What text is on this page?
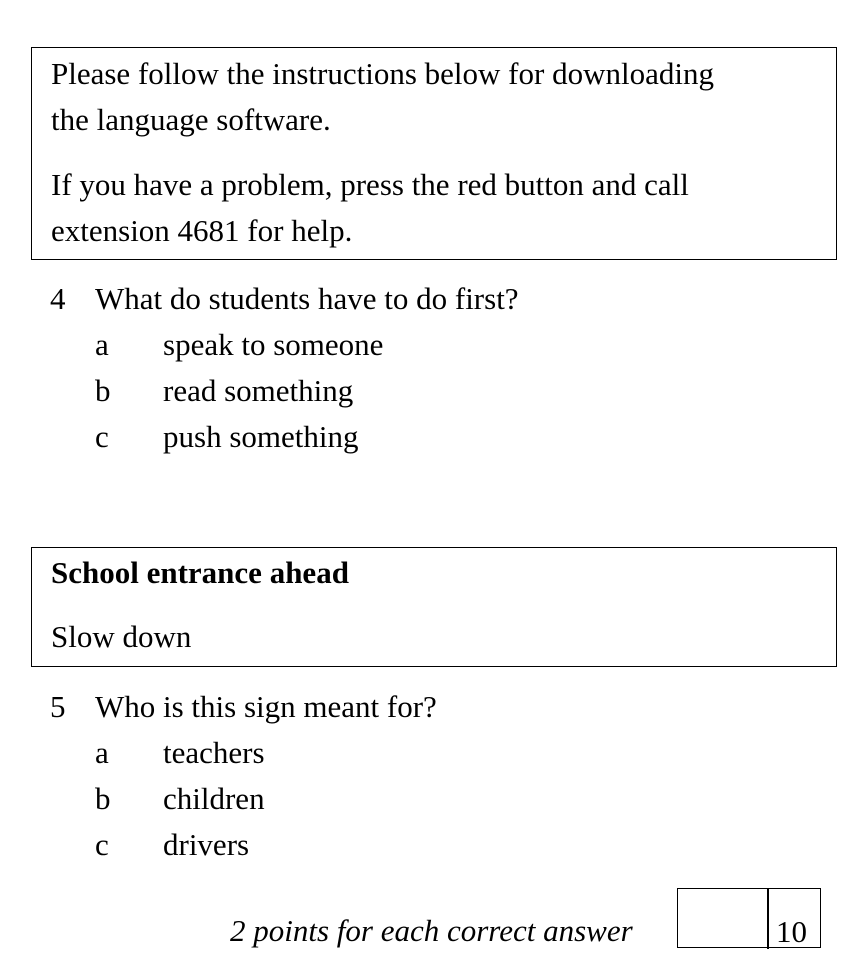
Please follow the instructions below for downloading

the language software.

If you have a problem, press the red button and call

extension 4681 for help.

4 What do students have to do first?
a speak to someone
b read something
c push something

School entrance ahead

Slow down

5 Who is this sign meant for?
a teachers
b children
c drivers
2 points for each correct answer	10
